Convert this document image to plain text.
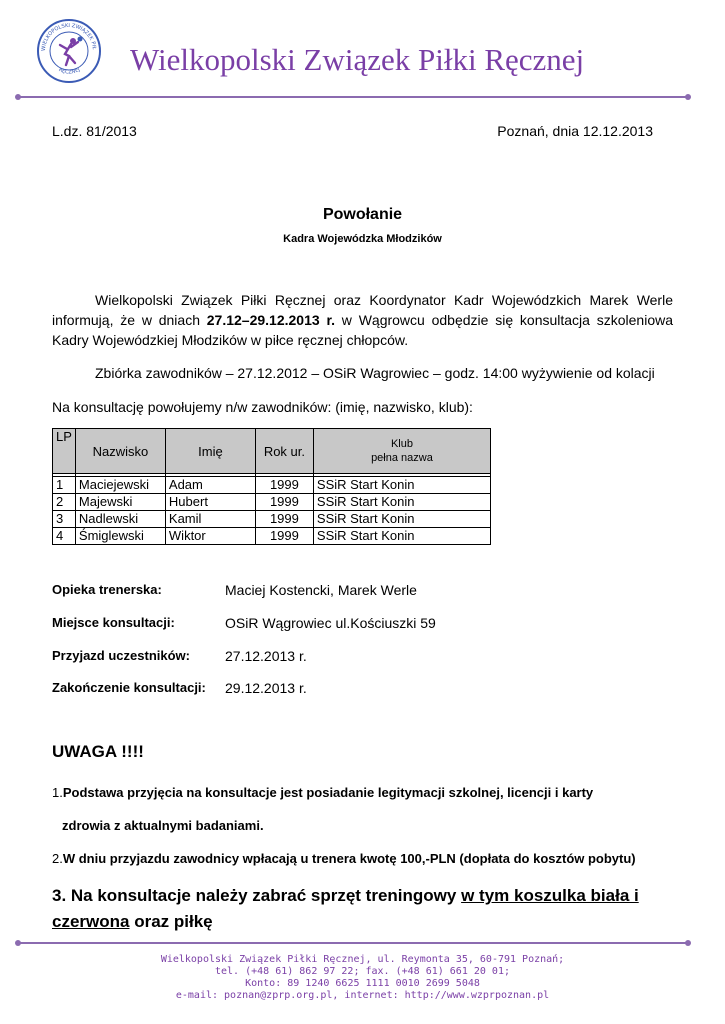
WIELKOPOLSKI ZWIĄZEK PIŁ
RĘCZNEJ Wielkopolski Związek Piłki Ręcznej
L.dz. 81/2013	Poznań, dnia 12.12.2013
Powołanie
Kadra Wojewódzka Młodzików
Wielkopolski Związek Piłki Ręcznej oraz Koordynator Kadr Wojewódzkich Marek Werle informują, że w dniach 27.12–29.12.2013 r. w Wągrowcu odbędzie się konsultacja szkoleniowa Kadry Wojewódzkiej Młodzików w piłce ręcznej chłopców.
Zbiórka zawodników – 27.12.2012 – OSiR Wagrowiec – godz. 14:00 wyżywienie od kolacji
Na konsultację powołujemy n/w zawodników: (imię, nazwisko, klub):
LP	Nazwisko	Imię	Rok ur.	Klub
pełna nazwa

1	Maciejewski	Adam	1999	SSiR Start Konin
2	Majewski	Hubert	1999	SSiR Start Konin
3	Nadlewski	Kamil	1999	SSiR Start Konin
4	Śmiglewski	Wiktor	1999	SSiR Start Konin
Opieka trenerska:	Maciej Kostencki, Marek Werle
Miejsce konsultacji:	OSiR Wągrowiec ul.Kościuszki 59
Przyjazd uczestników:	27.12.2013 r.
Zakończenie konsultacji: 29.12.2013 r.
UWAGA !!!!
1.Podstawa przyjęcia na konsultacje jest posiadanie legitymacji szkolnej, licencji i karty
zdrowia z aktualnymi badaniami.
2.W dniu przyjazdu zawodnicy wpłacają u trenera kwotę 100,-PLN (dopłata do kosztów pobytu)
3. Na konsultacje należy zabrać sprzęt treningowy w tym koszulka biała i
czerwona oraz piłkę
Wielkopolski Związek Piłki Ręcznej, ul. Reymonta 35, 60-791 Poznań;
tel. (+48 61) 862 97 22; fax. (+48 61) 661 20 01;
Konto: 89 1240 6625 1111 0010 2699 5048
e-mail: poznan@zprp.org.pl, internet: http://www.wzprpoznan.pl
